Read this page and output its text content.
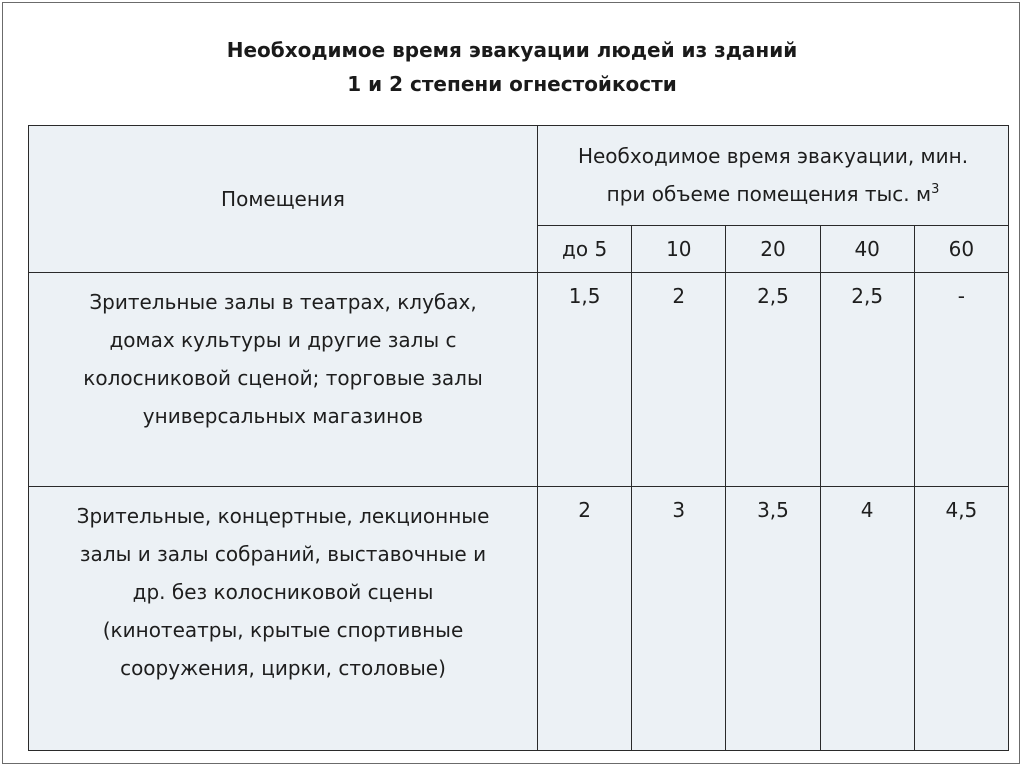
Необходимое время эвакуации людей из зданий
1 и 2 степени огнестойкости
Помещения	Необходимое время эвакуации, мин.
при объеме помещения тыс. $м^3$

	до 5	10	20	40	60

Зрительные залы в театрах, клубах,
домах культуры и другие залы с
колосниковой сценой; торговые залы
универсальных магазинов	1,5	2	2,5	2,5	-

Зрительные, концертные, лекционные
залы и залы собраний, выставочные и
др. без колосниковой сцены
(кинотеатры, крытые спортивные
сооружения, цирки, столовые)	2	3	3,5	4	4,5
